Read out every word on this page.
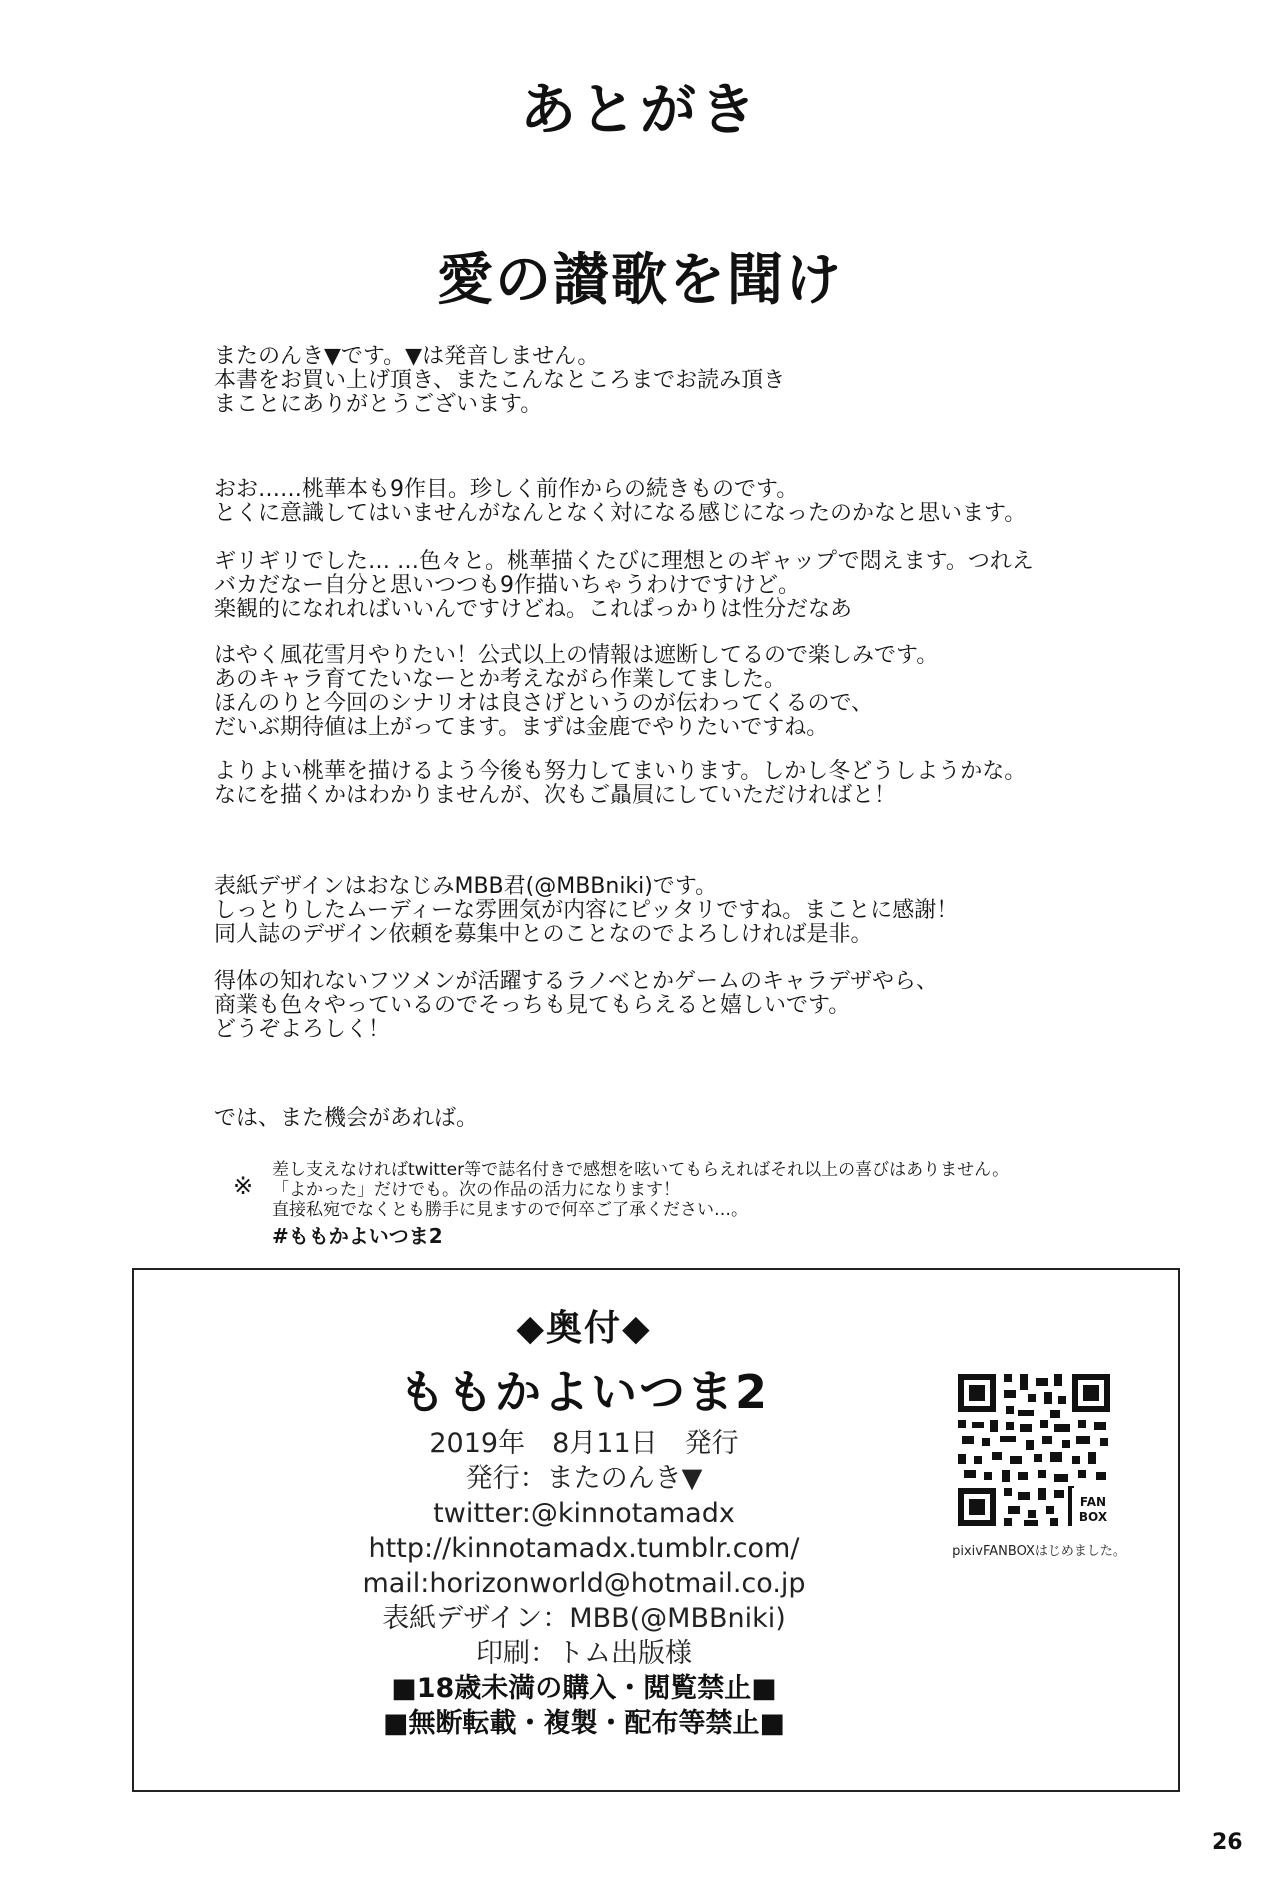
あとがき
愛の讃歌を聞け
またのんき▼です。▼は発音しません。
本書をお買い上げ頂き、またこんなところまでお読み頂き
まことにありがとうございます。
おお……桃華本も9作目。珍しく前作からの続きものです。
とくに意識してはいませんがなんとなく対になる感じになったのかなと思います。
ギリギリでした… …色々と。桃華描くたびに理想とのギャップで悶えます。つれえ
バカだなー自分と思いつつも9作描いちゃうわけですけど。
楽観的になれればいいんですけどね。これぱっかりは性分だなあ
はやく風花雪月やりたい！公式以上の情報は遮断してるので楽しみです。
あのキャラ育てたいなーとか考えながら作業してました。
ほんのりと今回のシナリオは良さげというのが伝わってくるので、
だいぶ期待値は上がってます。まずは金鹿でやりたいですね。
よりよい桃華を描けるよう今後も努力してまいります。しかし冬どうしようかな。
なにを描くかはわかりませんが、次もご贔屓にしていただければと！
表紙デザインはおなじみMBB君(@MBBniki)です。
しっとりしたムーディーな雰囲気が内容にピッタリですね。まことに感謝！
同人誌のデザイン依頼を募集中とのことなのでよろしければ是非。
得体の知れないフツメンが活躍するラノベとかゲームのキャラデザやら、
商業も色々やっているのでそっちも見てもらえると嬉しいです。
どうぞよろしく！
では、また機会があれば。
※
差し支えなければtwitter等で誌名付きで感想を呟いてもらえればそれ以上の喜びはありません。
「よかった」だけでも。次の作品の活力になります！
直接私宛でなくとも勝手に見ますので何卒ご了承ください…。
#ももかよいつま2
◆奥付◆
ももかよいつま2
2019年　8月11日　発行
発行：またのんき▼
twitter:@kinnotamadx
http://kinnotamadx.tumblr.com/
mail:horizonworld@hotmail.co.jp
表紙デザイン：MBB(@MBBniki)
印刷：トム出版様
■18歳未満の購入・閲覧禁止■
■無断転載・複製・配布等禁止■
FAN
BOX
pixivFANBOXはじめました。
26
